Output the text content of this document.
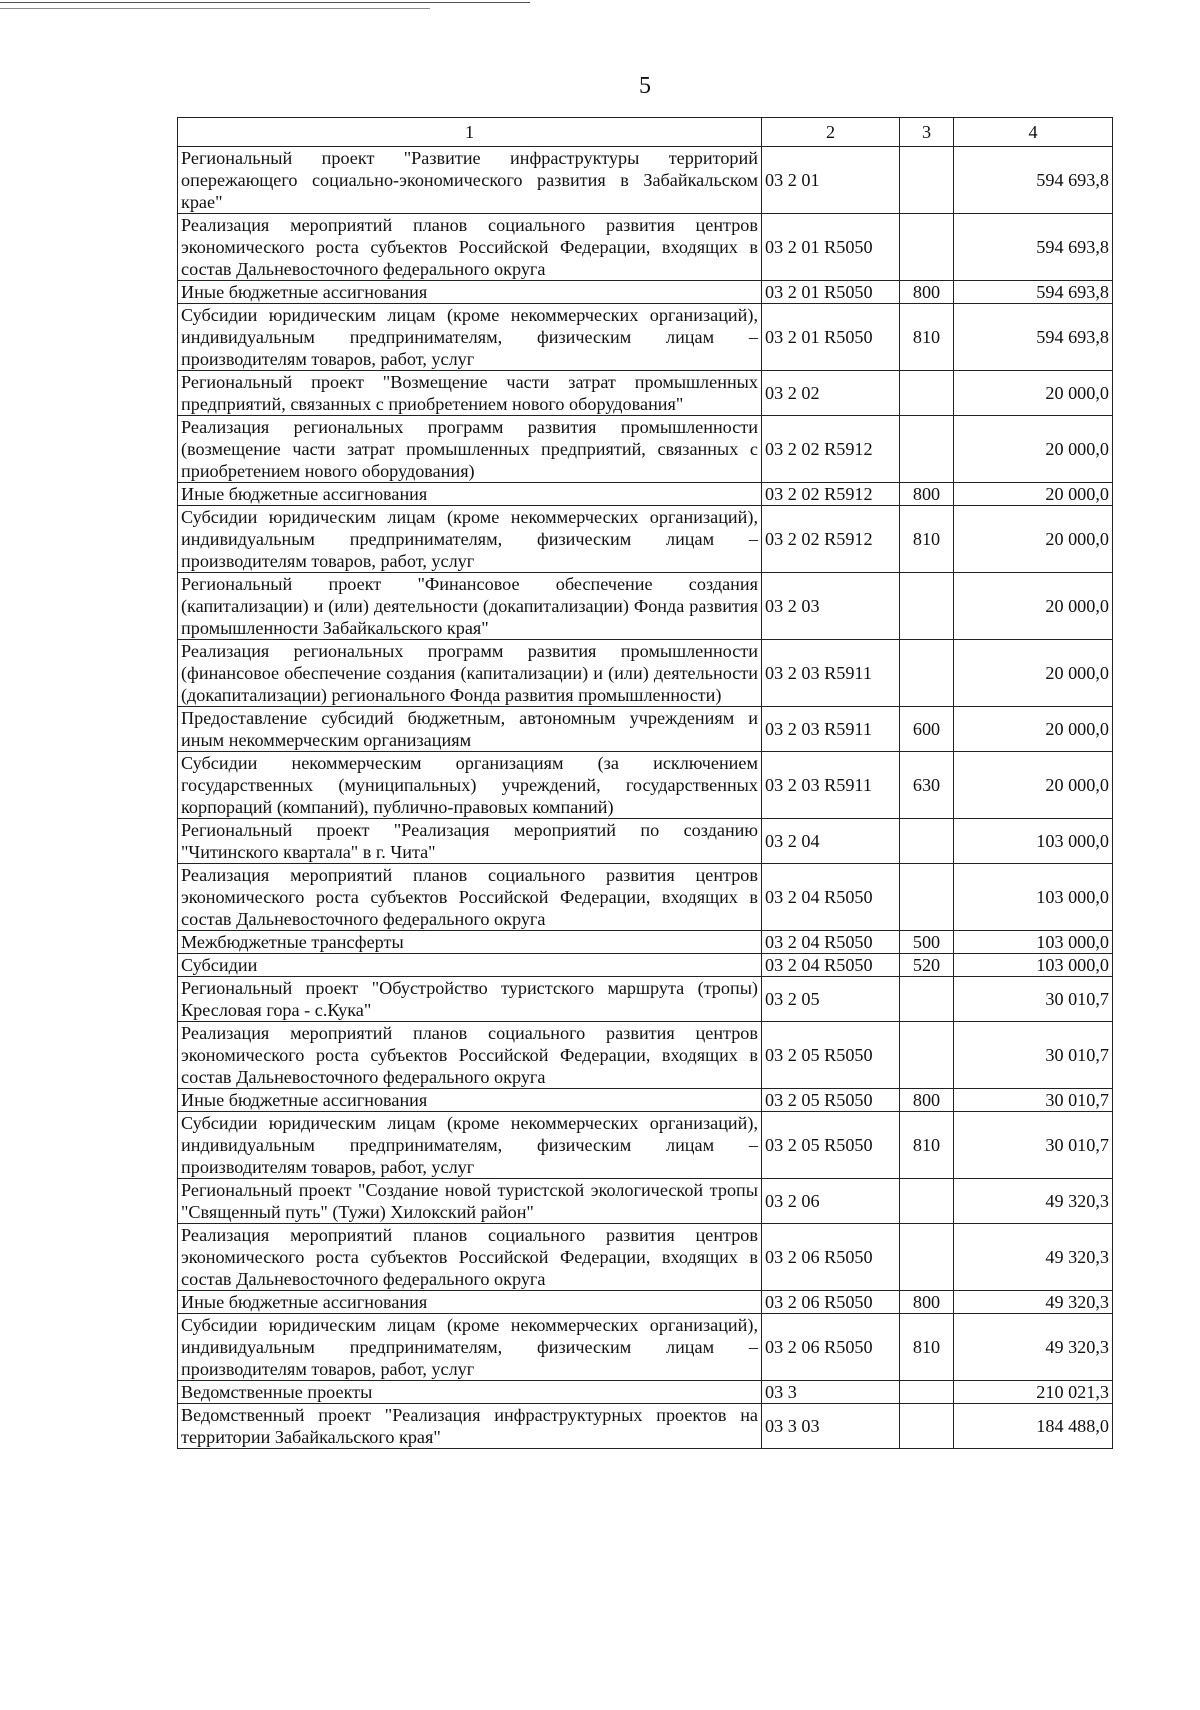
5
1	2	3	4
Региональный проект "Развитие инфраструктуры территорий опережающего социально-экономического развития в Забайкальском крае"	03 2 01		594 693,8
Реализация мероприятий планов социального развития центров экономического роста субъектов Российской Федерации, входящих в состав Дальневосточного федерального округа	03 2 01 R5050		594 693,8
Иные бюджетные ассигнования	03 2 01 R5050	800	594 693,8
Субсидии юридическим лицам (кроме некоммерческих организаций), индивидуальным предпринимателям, физическим лицам – производителям товаров, работ, услуг	03 2 01 R5050	810	594 693,8
Региональный проект "Возмещение части затрат промышленных предприятий, связанных с приобретением нового оборудования"	03 2 02		20 000,0
Реализация региональных программ развития промышленности (возмещение части затрат промышленных предприятий, связанных с приобретением нового оборудования)	03 2 02 R5912		20 000,0
Иные бюджетные ассигнования	03 2 02 R5912	800	20 000,0
Субсидии юридическим лицам (кроме некоммерческих организаций), индивидуальным предпринимателям, физическим лицам – производителям товаров, работ, услуг	03 2 02 R5912	810	20 000,0
Региональный проект "Финансовое обеспечение создания (капитализации) и (или) деятельности (докапитализации) Фонда развития промышленности Забайкальского края"	03 2 03		20 000,0
Реализация региональных программ развития промышленности (финансовое обеспечение создания (капитализации) и (или) деятельности (докапитализации) регионального Фонда развития промышленности)	03 2 03 R5911		20 000,0
Предоставление субсидий бюджетным, автономным учреждениям и иным некоммерческим организациям	03 2 03 R5911	600	20 000,0
Субсидии некоммерческим организациям (за исключением государственных (муниципальных) учреждений, государственных корпораций (компаний), публично-правовых компаний)	03 2 03 R5911	630	20 000,0
Региональный проект "Реализация мероприятий по созданию "Читинского квартала" в г. Чита"	03 2 04		103 000,0
Реализация мероприятий планов социального развития центров экономического роста субъектов Российской Федерации, входящих в состав Дальневосточного федерального округа	03 2 04 R5050		103 000,0
Межбюджетные трансферты	03 2 04 R5050	500	103 000,0
Субсидии	03 2 04 R5050	520	103 000,0
Региональный проект "Обустройство туристского маршрута (тропы) Кресловая гора - с.Кука"	03 2 05		30 010,7
Реализация мероприятий планов социального развития центров экономического роста субъектов Российской Федерации, входящих в состав Дальневосточного федерального округа	03 2 05 R5050		30 010,7
Иные бюджетные ассигнования	03 2 05 R5050	800	30 010,7
Субсидии юридическим лицам (кроме некоммерческих организаций), индивидуальным предпринимателям, физическим лицам – производителям товаров, работ, услуг	03 2 05 R5050	810	30 010,7
Региональный проект "Создание новой туристской экологической тропы "Священный путь" (Тужи) Хилокский район"	03 2 06		49 320,3
Реализация мероприятий планов социального развития центров экономического роста субъектов Российской Федерации, входящих в состав Дальневосточного федерального округа	03 2 06 R5050		49 320,3
Иные бюджетные ассигнования	03 2 06 R5050	800	49 320,3
Субсидии юридическим лицам (кроме некоммерческих организаций), индивидуальным предпринимателям, физическим лицам – производителям товаров, работ, услуг	03 2 06 R5050	810	49 320,3
Ведомственные проекты	03 3		210 021,3
Ведомственный проект "Реализация инфраструктурных проектов на территории Забайкальского края"	03 3 03		184 488,0
